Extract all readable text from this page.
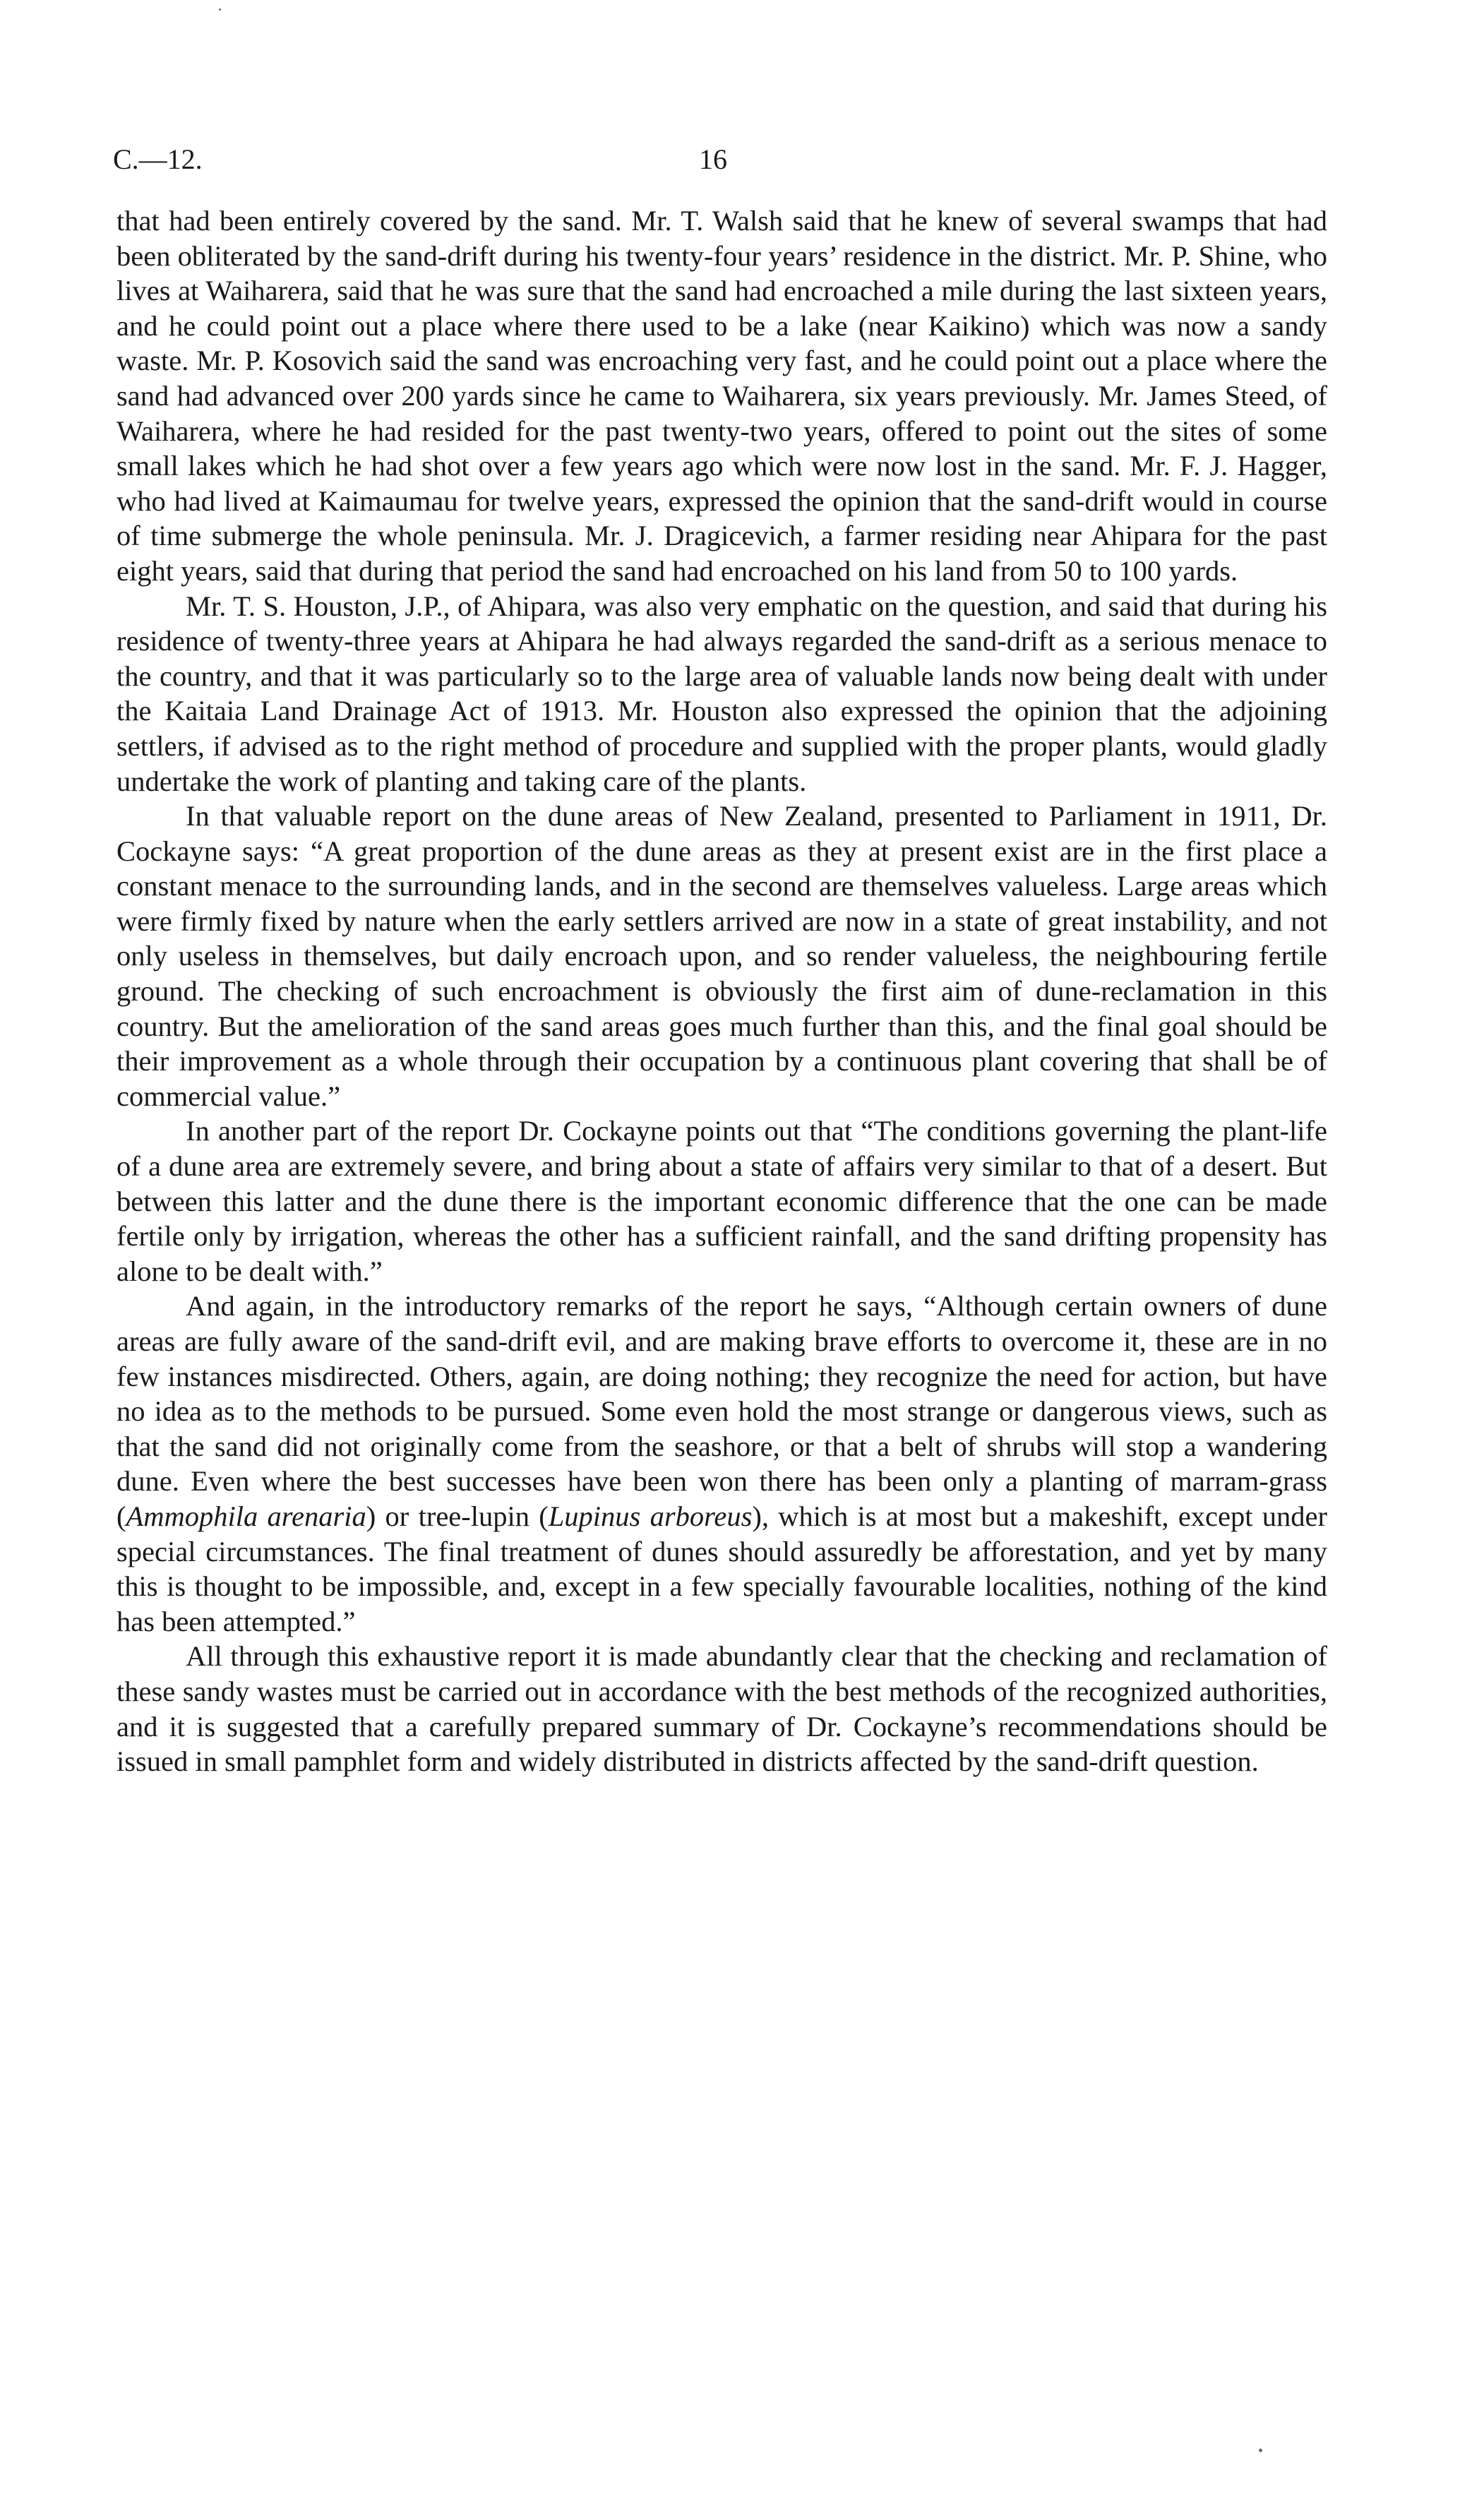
C.—12.	16

that had been entirely covered by the sand. Mr. T. Walsh said that he knew of several swamps that had been obliterated by the sand-drift during his twenty-four years’ residence in the district. Mr. P. Shine, who lives at Waiharera, said that he was sure that the sand had encroached a mile during the last sixteen years, and he could point out a place where there used to be a lake (near Kaikino) which was now a sandy waste. Mr. P. Kosovich said the sand was encroaching very fast, and he could point out a place where the sand had advanced over 200 yards since he came to Waiharera, six years previously. Mr. James Steed, of Waiharera, where he had resided for the past twenty-two years, offered to point out the sites of some small lakes which he had shot over a few years ago which were now lost in the sand. Mr. F. J. Hagger, who had lived at Kaimaumau for twelve years, expressed the opinion that the sand-drift would in course of time submerge the whole peninsula. Mr. J. Dragicevich, a farmer residing near Ahipara for the past eight years, said that during that period the sand had encroached on his land from 50 to 100 yards.

Mr. T. S. Houston, J.P., of Ahipara, was also very emphatic on the question, and said that during his residence of twenty-three years at Ahipara he had always regarded the sand-drift as a serious menace to the country, and that it was particularly so to the large area of valuable lands now being dealt with under the Kaitaia Land Drainage Act of 1913. Mr. Houston also expressed the opinion that the adjoining settlers, if advised as to the right method of procedure and supplied with the proper plants, would gladly undertake the work of planting and taking care of the plants.

In that valuable report on the dune areas of New Zealand, presented to Parliament in 1911, Dr. Cockayne says: “A great proportion of the dune areas as they at present exist are in the first place a constant menace to the surrounding lands, and in the second are themselves valueless. Large areas which were firmly fixed by nature when the early settlers arrived are now in a state of great instability, and not only useless in themselves, but daily encroach upon, and so render valueless, the neighbouring fertile ground. The checking of such encroachment is obviously the first aim of dune-reclamation in this country. But the amelioration of the sand areas goes much further than this, and the final goal should be their improvement as a whole through their occupation by a continuous plant covering that shall be of commercial value.”

In another part of the report Dr. Cockayne points out that “The conditions governing the plant-life of a dune area are extremely severe, and bring about a state of affairs very similar to that of a desert. But between this latter and the dune there is the important economic difference that the one can be made fertile only by irrigation, whereas the other has a sufficient rainfall, and the sand drifting propensity has alone to be dealt with.”

And again, in the introductory remarks of the report he says, “Although certain owners of dune areas are fully aware of the sand-drift evil, and are making brave efforts to overcome it, these are in no few instances misdirected. Others, again, are doing nothing; they recognize the need for action, but have no idea as to the methods to be pursued. Some even hold the most strange or dangerous views, such as that the sand did not originally come from the seashore, or that a belt of shrubs will stop a wandering dune. Even where the best successes have been won there has been only a planting of marram-grass (Ammophila arenaria) or tree-lupin (Lupinus arboreus), which is at most but a makeshift, except under special circumstances. The final treatment of dunes should assuredly be afforestation, and yet by many this is thought to be impossible, and, except in a few specially favourable localities, nothing of the kind has been attempted.”

All through this exhaustive report it is made abundantly clear that the checking and reclamation of these sandy wastes must be carried out in accordance with the best methods of the recognized authorities, and it is suggested that a carefully prepared summary of Dr. Cockayne’s recommendations should be issued in small pamphlet form and widely distributed in districts affected by the sand-drift question.
